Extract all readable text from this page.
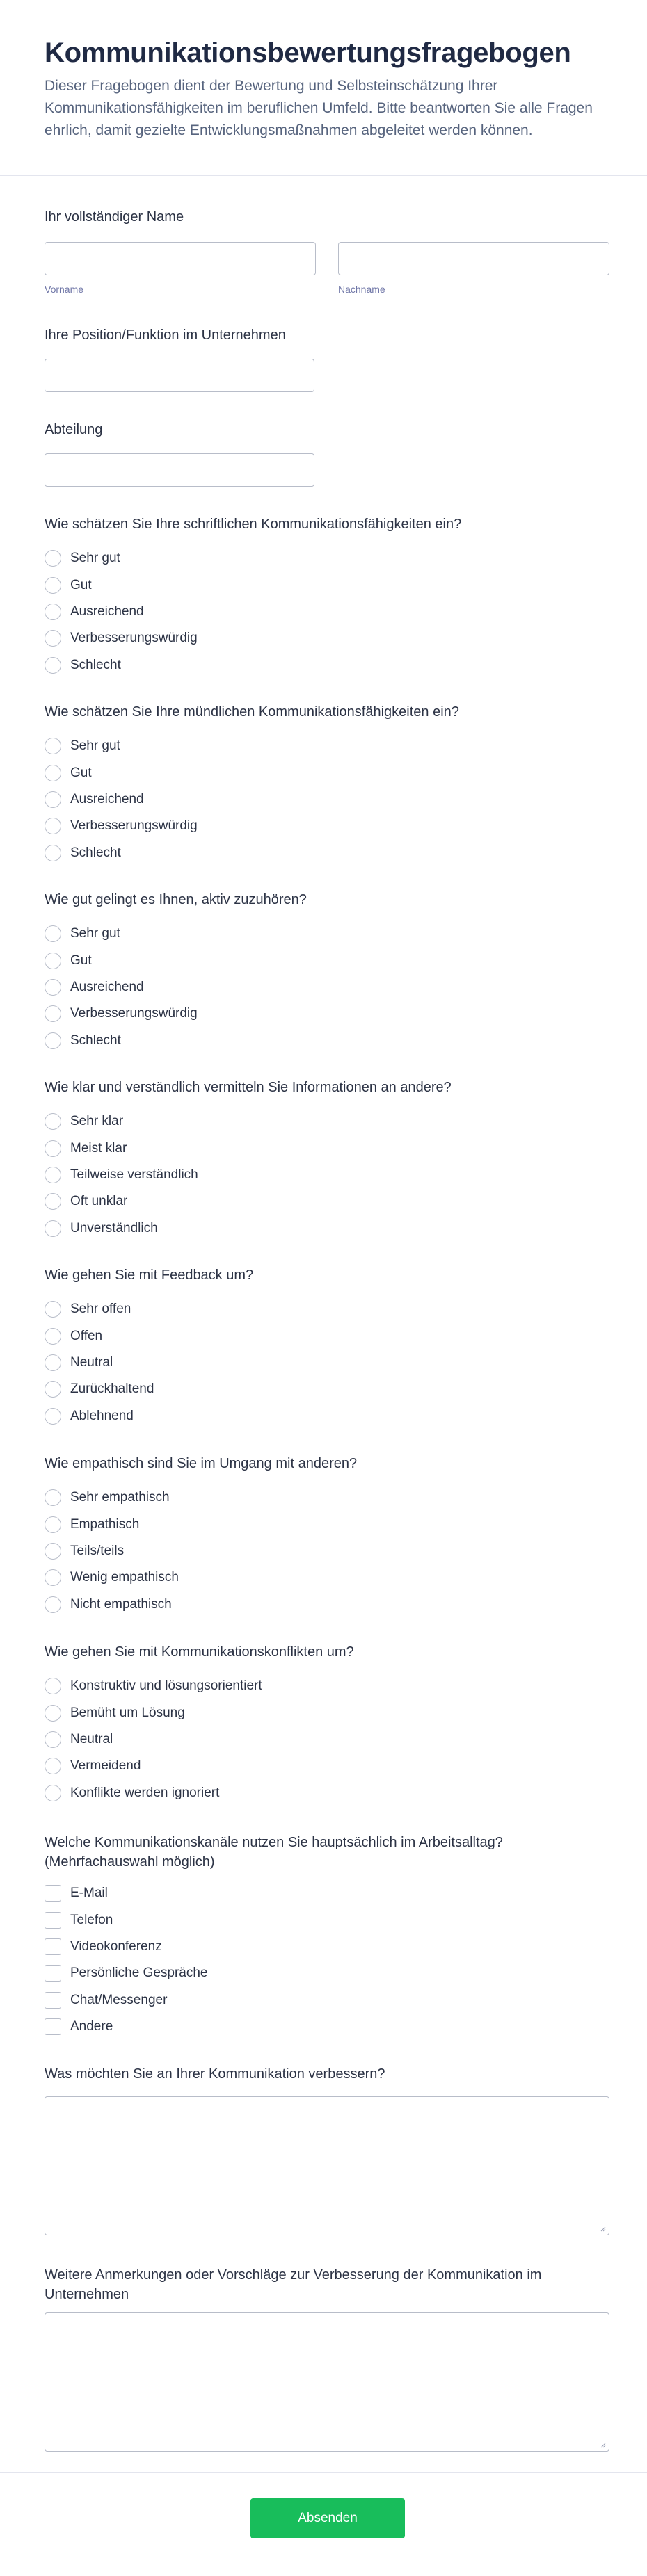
Kommunikationsbewertungsfragebogen

Dieser Fragebogen dient der Bewertung und Selbsteinschätzung Ihrer Kommunikationsfähigkeiten im beruflichen Umfeld. Bitte beantworten Sie alle Fragen ehrlich, damit gezielte Entwicklungsmaßnahmen abgeleitet werden können.

Ihr vollständiger Name
Vorname	Nachname
Ihre Position/Funktion im Unternehmen
Abteilung
Wie schätzen Sie Ihre schriftlichen Kommunikationsfähigkeiten ein?
Sehr gut
Gut
Ausreichend
Verbesserungswürdig
Schlecht
Wie schätzen Sie Ihre mündlichen Kommunikationsfähigkeiten ein?
Sehr gut
Gut
Ausreichend
Verbesserungswürdig
Schlecht
Wie gut gelingt es Ihnen, aktiv zuzuhören?
Sehr gut
Gut
Ausreichend
Verbesserungswürdig
Schlecht
Wie klar und verständlich vermitteln Sie Informationen an andere?
Sehr klar
Meist klar
Teilweise verständlich
Oft unklar
Unverständlich
Wie gehen Sie mit Feedback um?
Sehr offen
Offen
Neutral
Zurückhaltend
Ablehnend
Wie empathisch sind Sie im Umgang mit anderen?
Sehr empathisch
Empathisch
Teils/teils
Wenig empathisch
Nicht empathisch
Wie gehen Sie mit Kommunikationskonflikten um?
Konstruktiv und lösungsorientiert
Bemüht um Lösung
Neutral
Vermeidend
Konflikte werden ignoriert
Welche Kommunikationskanäle nutzen Sie hauptsächlich im Arbeitsalltag? (Mehrfachauswahl möglich)
E-Mail
Telefon
Videokonferenz
Persönliche Gespräche
Chat/Messenger
Andere
Was möchten Sie an Ihrer Kommunikation verbessern?
Weitere Anmerkungen oder Vorschläge zur Verbesserung der Kommunikation im Unternehmen
Absenden
